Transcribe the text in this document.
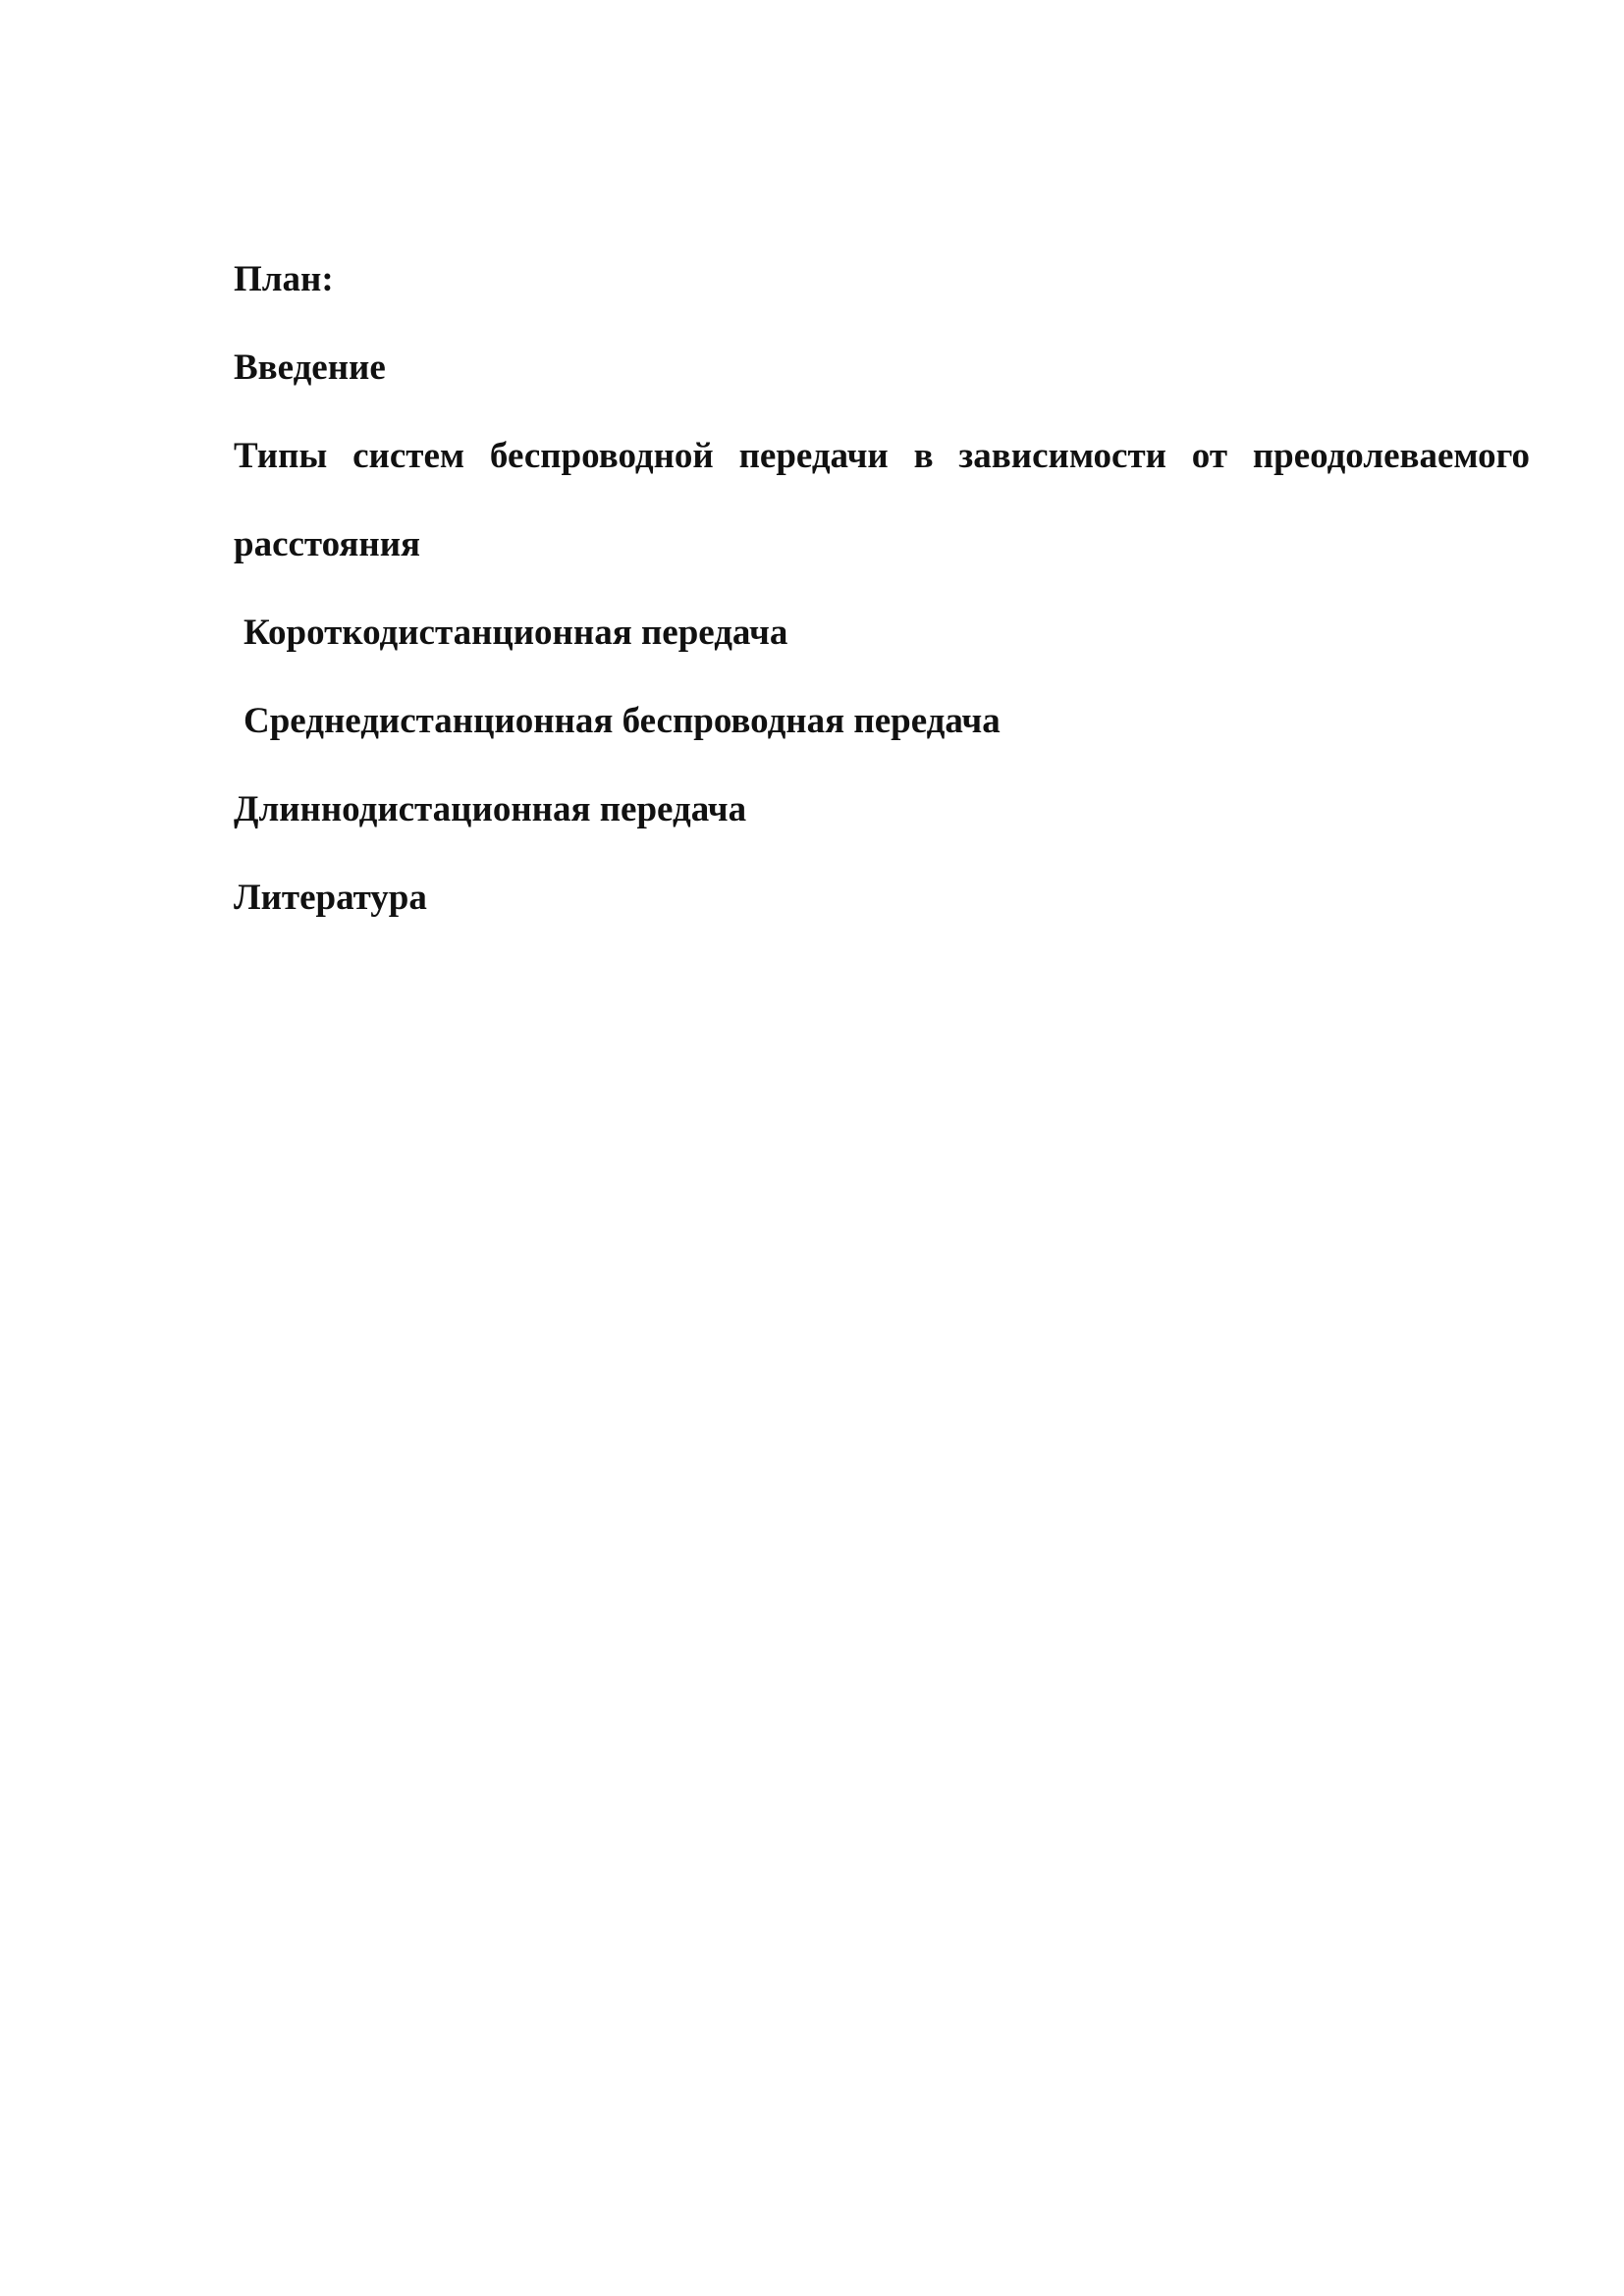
План:
Введение
Типы систем беспроводной передачи в зависимости от преодолеваемого
расстояния
Короткодистанционная передача
Среднедистанционная беспроводная передача
Длиннодистационная передача
Литература
